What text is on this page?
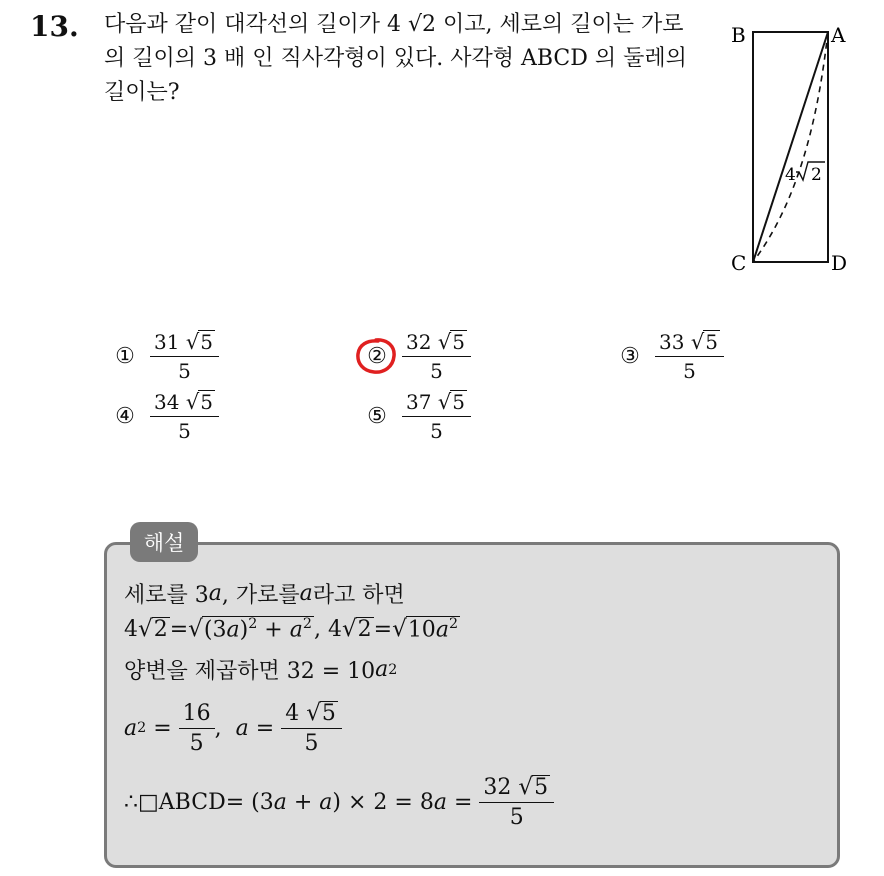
13. 다음과 같이 대각선의 길이가 4 √2 이고, 세로의 길이는 가로의 길이의 3 배 인 직사각형이 있다. 사각형 ABCD 의 둘레의 길이는?
B	A
C	D
4 2
① $\frac{31 √5}{5}$	② $\frac{32 √5}{5}$	③ $\frac{33 √5}{5}$
④ $\frac{34 √5}{5}$	⑤ $\frac{37 √5}{5}$
해설
세로를 3 a , 가로를 a 라고 하면
4 √ 2 = √ $(3a)^2 + a^2$ , 4 √ 2 = √ $10a^2$
양변을 제곱하면 32 = 10 a 2
a $2 = \frac{16}{5}$ ,  $a = \frac{4 √5}{5}$
∴ □ABCD = $(3a + a) \times 2 = 8a = \frac{32 √5}{5}$
